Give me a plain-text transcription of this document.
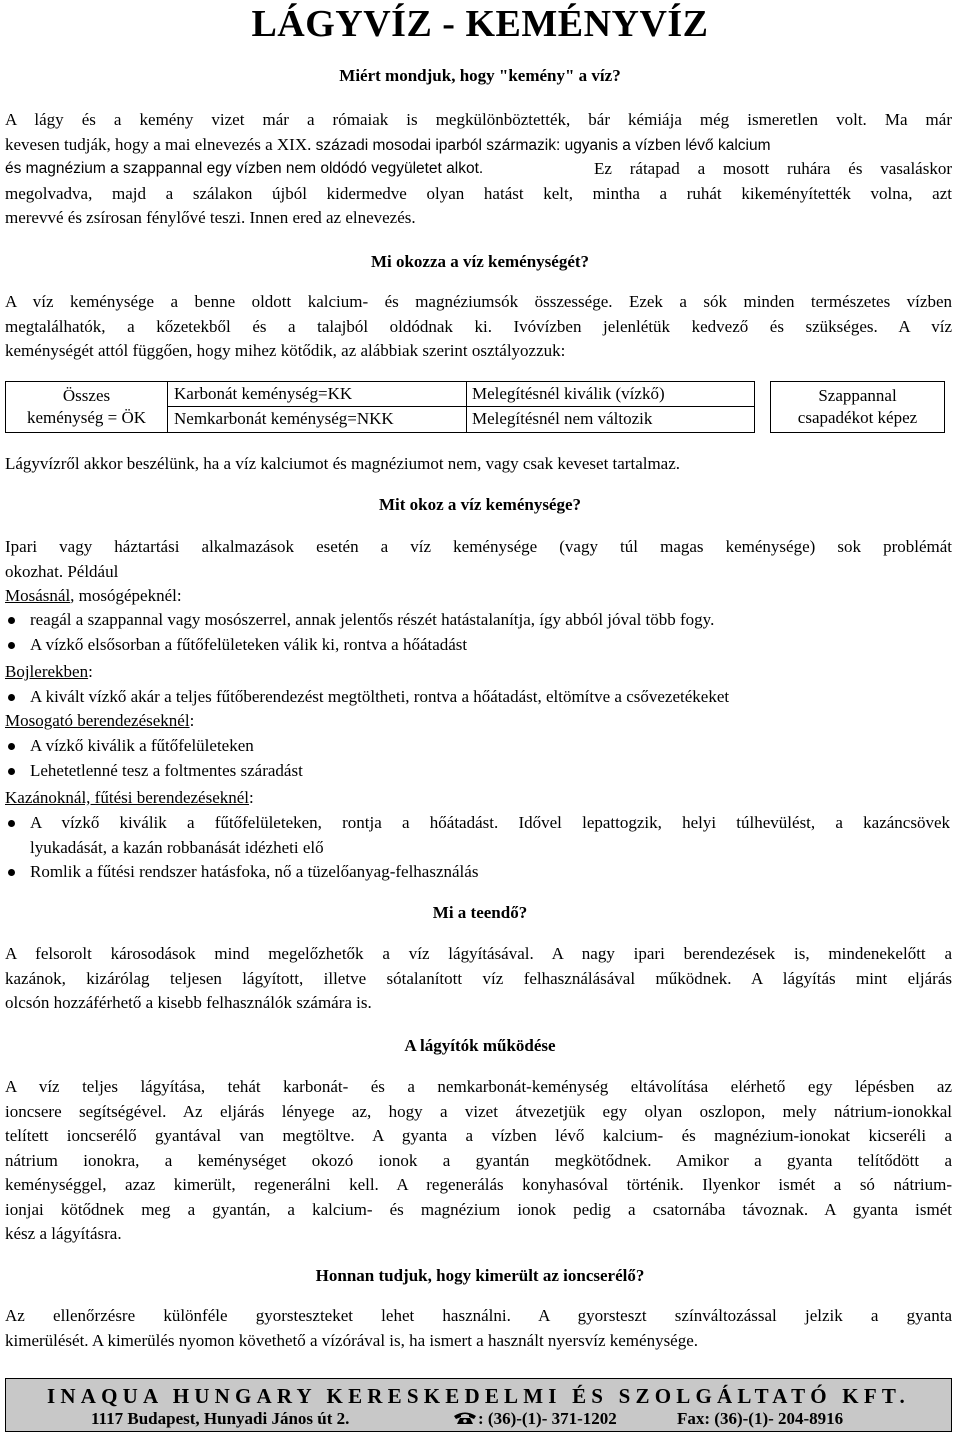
LÁGYVÍZ - KEMÉNYVÍZ
Miért mondjuk, hogy "kemény" a víz?
A lágy és a kemény vizet már a rómaiak is megkülönböztették, bár kémiája még ismeretlen volt. Ma már
kevesen tudják, hogy a mai elnevezés a XIX. századi mosodai iparból származik: ugyanis a vízben lévő kalcium
és magnézium a szappannal egy vízben nem oldódó vegyületet alkot.
megolvadva, majd a szálakon újból kidermedve olyan hatást kelt, mintha a ruhát kikeményítették volna, azt
merevvé és zsírosan fénylővé teszi. Innen ered az elnevezés.
Ez rátapad a mosott ruhára és vasaláskor
Mi okozza a víz keménységét?
A víz keménysége a benne oldott kalcium- és magnéziumsók összessége. Ezek a sók minden természetes vízben
megtalálhatók, a kőzetekből és a talajból oldódnak ki. Ivóvízben jelenlétük kedvező és szükséges. A víz
keménységét attól függően, hogy mihez kötődik, az alábbiak szerint osztályozzuk:
Összes
keménység = ÖK
Karbonát keménység=KK
Nemkarbonát keménység=NKK
Melegítésnél kiválik (vízkő)
Melegítésnél nem változik
Szappannal
csapadékot képez
Lágyvízről akkor beszélünk, ha a víz kalciumot és magnéziumot nem, vagy csak keveset tartalmaz.
Mit okoz a víz keménysége?
Ipari vagy háztartási alkalmazások esetén a víz keménysége (vagy túl magas keménysége) sok problémát
okozhat. Például
Mosásnál, mosógépeknél:
reagál a szappannal vagy mosószerrel, annak jelentős részét hatástalanítja, így abból jóval több fogy.
A vízkő elsősorban a fűtőfelületeken válik ki, rontva a hőátadást
Bojlerekben:
A kivált vízkő akár a teljes fűtőberendezést megtöltheti, rontva a hőátadást, eltömítve a csővezetékeket
Mosogató berendezéseknél:
A vízkő kiválik a fűtőfelületeken
Lehetetlenné tesz a foltmentes száradást
Kazánoknál, fűtési berendezéseknél:
A vízkő kiválik a fűtőfelületeken, rontja a hőátadást. Idővel lepattogzik, helyi túlhevülést, a kazáncsövek
lyukadását, a kazán robbanását idézheti elő
Romlik a fűtési rendszer hatásfoka, nő a tüzelőanyag-felhasználás
Mi a teendő?
A felsorolt károsodások mind megelőzhetők a víz lágyításával. A nagy ipari berendezések is, mindenekelőtt a
kazánok, kizárólag teljesen lágyított, illetve sótalanított víz felhasználásával működnek. A lágyítás mint eljárás
olcsón hozzáférhető a kisebb felhasználók számára is.
A lágyítók működése
A víz teljes lágyítása, tehát karbonát- és a nemkarbonát-keménység eltávolítása elérhető egy lépésben az
ioncsere segítségével. Az eljárás lényege az, hogy a vizet átvezetjük egy olyan oszlopon, mely nátrium-ionokkal
telített ioncserélő gyantával van megtöltve. A gyanta a vízben lévő kalcium- és magnézium-ionokat kicseréli a
nátrium ionokra, a keménységet okozó ionok a gyantán megkötődnek. Amikor a gyanta telítődött a
keménységgel, azaz kimerült, regenerálni kell. A regenerálás konyhasóval történik. Ilyenkor ismét a só nátrium-
ionjai kötődnek meg a gyantán, a kalcium- és magnézium ionok pedig a csatornába távoznak. A gyanta ismét
kész a lágyításra.
Honnan tudjuk, hogy kimerült az ioncserélő?
Az ellenőrzésre különféle gyorsteszteket lehet használni. A gyorsteszt színváltozással jelzik a gyanta
kimerülését. A kimerülés nyomon követhető a vízórával is, ha ismert a használt nyersvíz keménysége.
INAQUA HUNGARY KERESKEDELMI ÉS SZOLGÁLTATÓ KFT.
1117 Budapest, Hunyadi János út 2.	: (36)-(1)- 371-1202	Fax: (36)-(1)- 204-8916
